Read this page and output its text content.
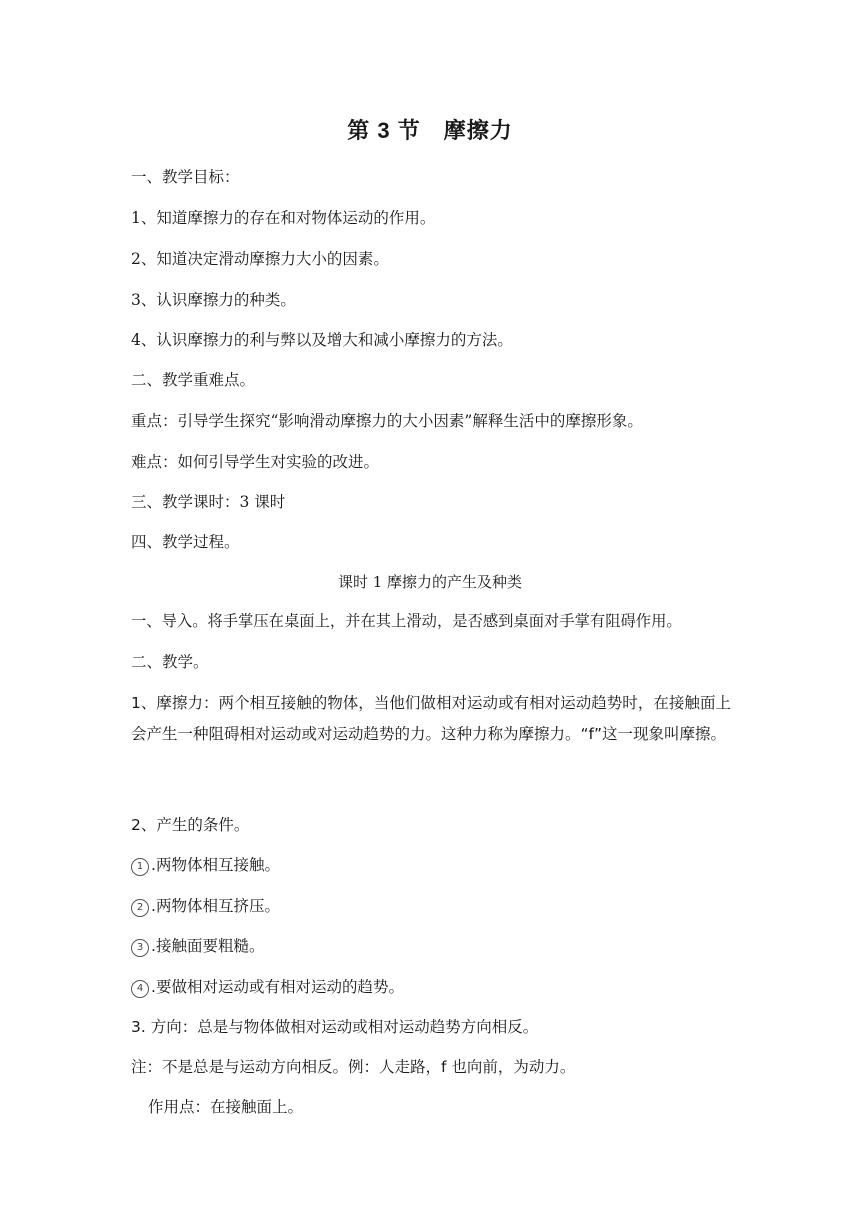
第 3 节　摩擦力
一、教学目标：
1、知道摩擦力的存在和对物体运动的作用。
2、知道决定滑动摩擦力大小的因素。
3、认识摩擦力的种类。
4、认识摩擦力的利与弊以及增大和减小摩擦力的方法。
二、教学重难点。
重点：引导学生探究“影响滑动摩擦力的大小因素”解释生活中的摩擦形象。
难点：如何引导学生对实验的改进。
三、教学课时：3 课时
四、教学过程。
课时 1 摩擦力的产生及种类
一、导入。将手掌压在桌面上，并在其上滑动，是否感到桌面对手掌有阻碍作用。
二、教学。
1、摩擦力：两个相互接触的物体，当他们做相对运动或有相对运动趋势时，在接触面上会产生一种阻碍相对运动或对运动趋势的力。这种力称为摩擦力。“f”这一现象叫摩擦。
2、产生的条件。
1 .两物体相互接触。
2 .两物体相互挤压。
3 .接触面要粗糙。
4 .要做相对运动或有相对运动的趋势。
3. 方向：总是与物体做相对运动或相对运动趋势方向相反。
注：不是总是与运动方向相反。例：人走路，f 也向前，为动力。
作用点：在接触面上。
